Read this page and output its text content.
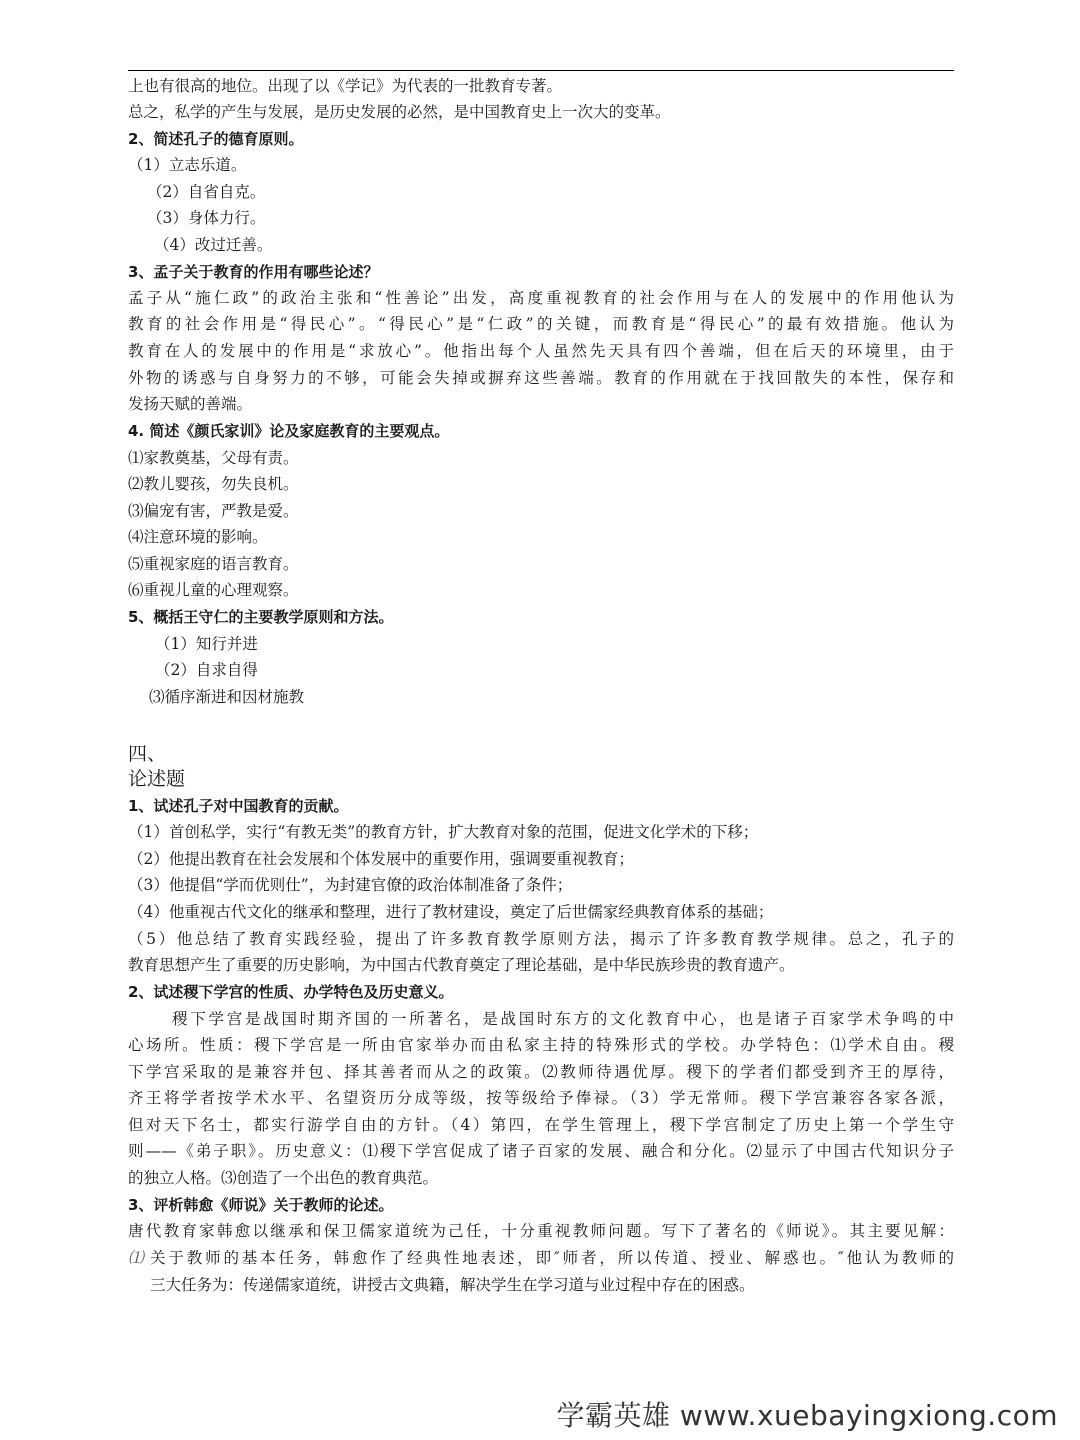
上也有很高的地位。出现了以《学记》为代表的一批教育专著。
总之，私学的产生与发展，是历史发展的必然，是中国教育史上一次大的变革。
2、简述孔子的德育原则。
（1）立志乐道。
（2）自省自克。
（3）身体力行。
（4）改过迁善。
3、孟子关于教育的作用有哪些论述？
孟子从“施仁政”的政治主张和“性善论”出发，高度重视教育的社会作用与在人的发展中的作用他认为
教育的社会作用是“得民心”。“得民心”是“仁政”的关键，而教育是“得民心”的最有效措施。他认为
教育在人的发展中的作用是“求放心”。他指出每个人虽然先天具有四个善端，但在后天的环境里，由于
外物的诱惑与自身努力的不够，可能会失掉或摒弃这些善端。教育的作用就在于找回散失的本性，保存和
发扬天赋的善端。
4. 简述《颜氏家训》论及家庭教育的主要观点。
⑴家教奠基，父母有责。
⑵教儿婴孩，勿失良机。
⑶偏宠有害，严教是爱。
⑷注意环境的影响。
⑸重视家庭的语言教育。
⑹重视儿童的心理观察。
5、概括王守仁的主要教学原则和方法。
（1）知行并进
（2）自求自得
⑶循序渐进和因材施教
四、
论述题
1、试述孔子对中国教育的贡献。
（1）首创私学，实行“有教无类”的教育方针，扩大教育对象的范围，促进文化学术的下移；
（2）他提出教育在社会发展和个体发展中的重要作用，强调要重视教育；
（3）他提倡“学而优则仕”，为封建官僚的政治体制准备了条件；
（4）他重视古代文化的继承和整理，进行了教材建设，奠定了后世儒家经典教育体系的基础；
（5）他总结了教育实践经验，提出了许多教育教学原则方法，揭示了许多教育教学规律。总之，孔子的
教育思想产生了重要的历史影响，为中国古代教育奠定了理论基础，是中华民族珍贵的教育遗产。
2、试述稷下学宫的性质、办学特色及历史意义。
稷下学宫是战国时期齐国的一所著名，是战国时东方的文化教育中心，也是诸子百家学术争鸣的中
心场所。性质：稷下学宫是一所由官家举办而由私家主持的特殊形式的学校。办学特色：⑴学术自由。稷
下学宫采取的是兼容并包、择其善者而从之的政策。⑵教师待遇优厚。稷下的学者们都受到齐王的厚待，
齐王将学者按学术水平、名望资历分成等级，按等级给予俸禄。（3）学无常师。稷下学宫兼容各家各派，
但对天下名士，都实行游学自由的方针。（4）第四，在学生管理上，稷下学宫制定了历史上第一个学生守
则——《弟子职》。历史意义：⑴稷下学宫促成了诸子百家的发展、融合和分化。⑵显示了中国古代知识分子
的独立人格。⑶创造了一个出色的教育典范。
3、评析韩愈《师说》关于教师的论述。
唐代教育家韩愈以继承和保卫儒家道统为己任，十分重视教师问题。写下了著名的《师说》。其主要见解：
⑴ 关于教师的基本任务，韩愈作了经典性地表述，即″师者，所以传道、授业、解惑也。″他认为教师的
三大任务为：传递儒家道统，讲授古文典籍，解决学生在学习道与业过程中存在的困惑。
学霸英雄 www.xuebayingxiong.com
